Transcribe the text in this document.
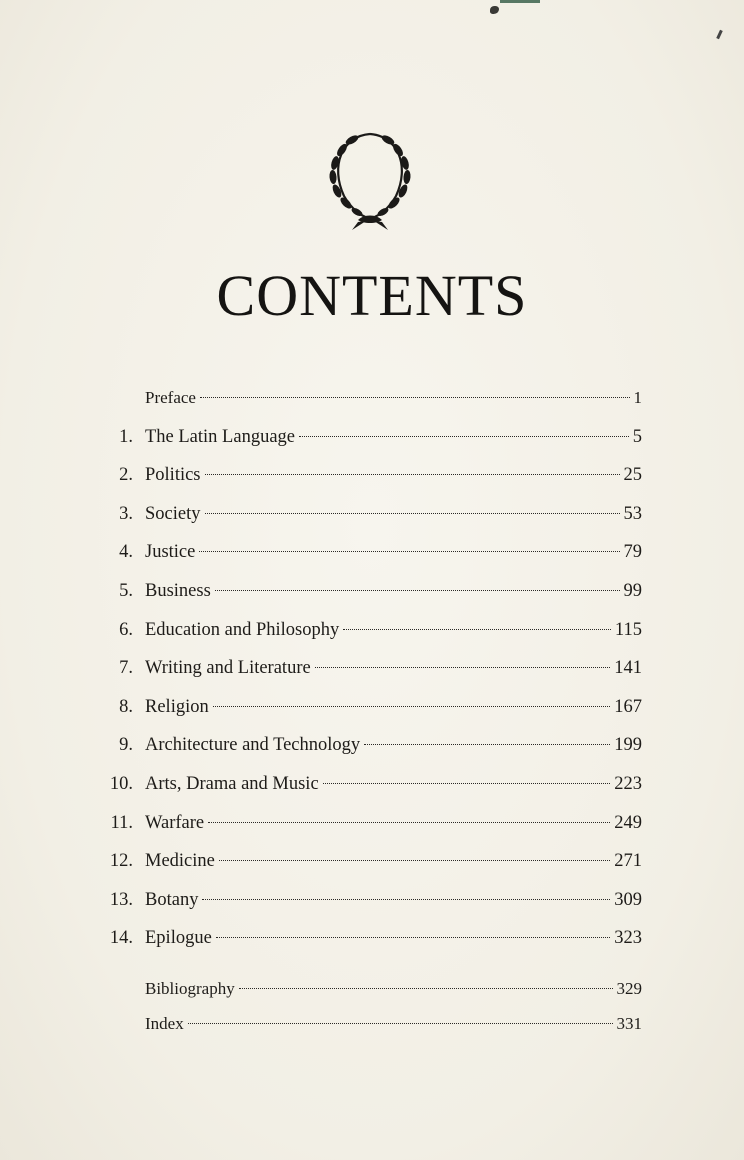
CONTENTS
Preface	1
1. The Latin Language	5
2. Politics	25
3. Society	53
4. Justice	79
5. Business	99
6. Education and Philosophy	115
7. Writing and Literature	141
8. Religion	167
9. Architecture and Technology	199
10. Arts, Drama and Music	223
11. Warfare	249
12. Medicine	271
13. Botany	309
14. Epilogue	323
Bibliography	329
Index	331
